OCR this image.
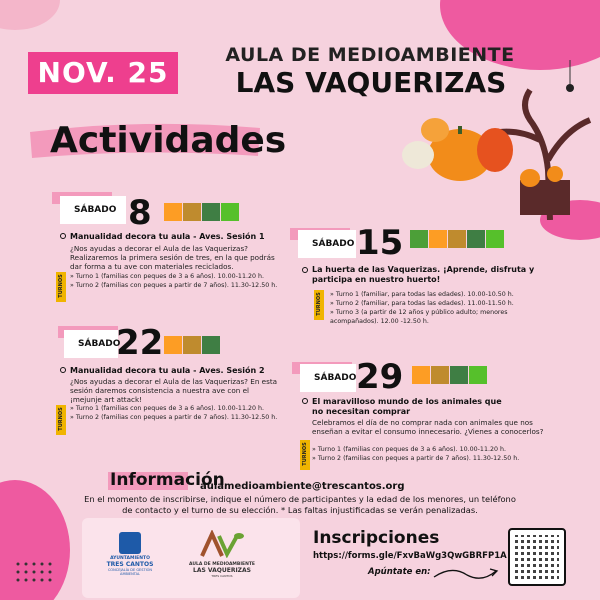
NOV. 25
AULA DE MEDIOAMBIENTE
LAS VAQUERIZAS
Actividades
SÁBADO 8
Manualidad decora tu aula - Aves. Sesión 1
¿Nos ayudas a decorar el Aula de las Vaquerizas? Realizaremos la primera sesión de tres, en la que podrás dar forma a tu ave con materiales reciclados.
TURNOS » Turno 1 (familias con peques de 3 a 6 años). 10.00-11.20 h.
» Turno 2 (familias con peques a partir de 7 años). 11.30-12.50 h.
SÁBADO 15
La huerta de las Vaquerizas. ¡Aprende, disfruta y participa en nuestro huerto!
TURNOS » Turno 1 (familiar, para todas las edades). 10.00-10.50 h.
» Turno 2 (familiar, para todas las edades). 11.00-11.50 h.
» Turno 3 (a partir de 12 años y público adulto; menores acompañados). 12.00 -12.50 h.
SÁBADO
22
Manualidad decora tu aula - Aves. Sesión 2
¿Nos ayudas a decorar el Aula de las Vaquerizas? En esta sesión daremos consistencia a nuestra ave con el ¡mejunje art attack!
TURNOS » Turno 1 (familias con peques de 3 a 6 años). 10.00-11.20 h.
» Turno 2 (familias con peques a partir de 7 años). 11.30-12.50 h.
SÁBADO 29
El maravilloso mundo de los animales que no necesitan comprar
Celebramos el día de no comprar nada con animales que nos enseñan a evitar el consumo innecesario. ¿Vienes a conocerlos?
TURNOS » Turno 1 (familias con peques de 3 a 6 años). 10.00-11.20 h.
» Turno 2 (familias con peques a partir de 7 años). 11.30-12.50 h.
Información
aulamedioambiente@trescantos.org
En el momento de inscribirse, indique el número de participantes y la edad de los menores, un teléfono de contacto y el turno de su elección. * Las faltas injustificadas se verán penalizadas.
AYUNTAMIENTO
TRES CANTOS
CONCEJALÍA DE GESTIÓN AMBIENTAL
AULA DE MEDIOAMBIENTE
LAS VAQUERIZAS
TRES CANTOS
Inscripciones
https://forms.gle/FxvBaWg3QwGBRFP1A
Apúntate en:
